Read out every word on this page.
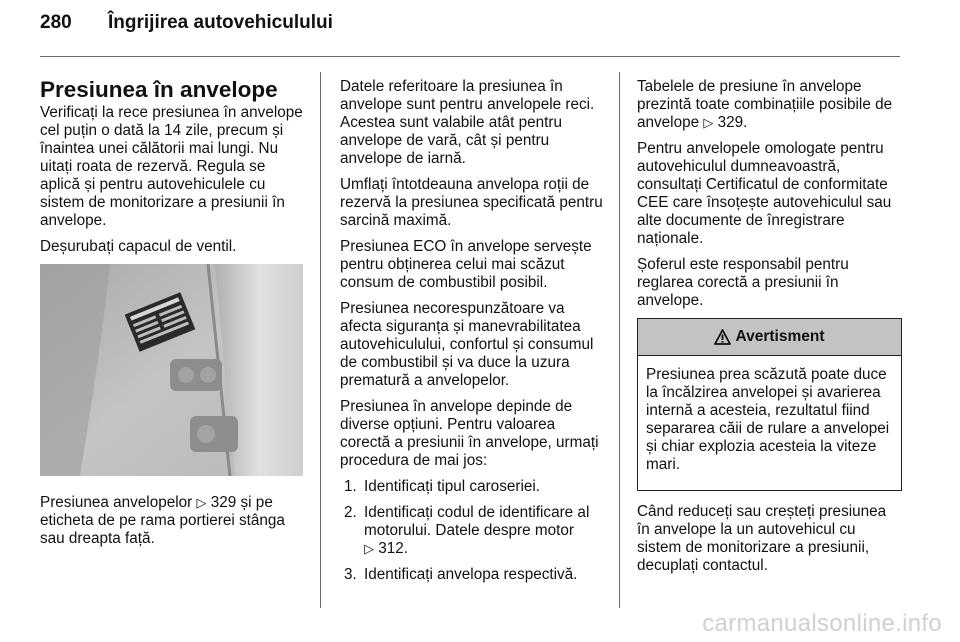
280 Îngrijirea autovehiculului
Presiunea în anvelope

Verificați la rece presiunea în anvelope cel puțin o dată la 14 zile, precum și înaintea unei călătorii mai lungi. Nu uitați roata de rezervă. Regula se aplică și pentru autovehiculele cu sistem de monitorizare a presiunii în anvelope.

Deșurubați capacul de ventil.

Presiunea anvelopelor ▷ 329 și pe eticheta de pe rama portierei stânga sau dreapta față.

Datele referitoare la presiunea în anvelope sunt pentru anvelopele reci. Acestea sunt valabile atât pentru anvelope de vară, cât și pentru anvelope de iarnă.

Umflați întotdeauna anvelopa roții de rezervă la presiunea specificată pentru sarcină maximă.

Presiunea ECO în anvelope servește pentru obținerea celui mai scăzut consum de combustibil posibil.

Presiunea necorespunzătoare va afecta siguranța și manevrabilitatea autovehiculului, confortul și consumul de combustibil și va duce la uzura prematură a anvelopelor.

Presiunea în anvelope depinde de diverse opțiuni. Pentru valoarea corectă a presiunii în anvelope, urmați procedura de mai jos:

1. Identificați tipul caroseriei.
2. Identificați codul de identificare al motorului. Datele despre motor
▷ 312.
3. Identificați anvelopa respectivă.

Tabelele de presiune în anvelope prezintă toate combinațiile posibile de anvelope ▷ 329.

Pentru anvelopele omologate pentru autovehiculul dumneavoastră, consultați Certificatul de conformitate CEE care însoțește autovehiculul sau alte documente de înregistrare naționale.

Șoferul este responsabil pentru reglarea corectă a presiunii în anvelope.

Avertisment

Presiunea prea scăzută poate duce la încălzirea anvelopei și avarierea internă a acesteia, rezultatul fiind separarea căii de rulare a anvelopei și chiar explozia acesteia la viteze mari.

Când reduceți sau creșteți presiunea în anvelope la un autovehicul cu sistem de monitorizare a presiunii, decuplați contactul.

carmanualsonline.info
